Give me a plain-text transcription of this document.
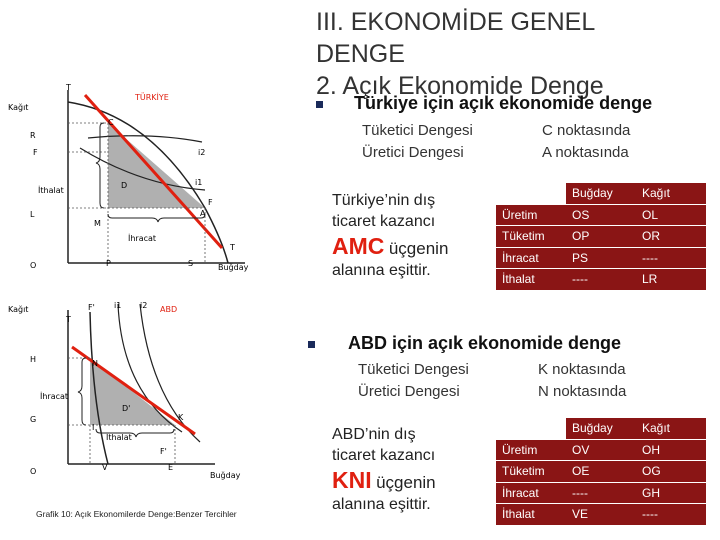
III. EKONOMİDE GENEL DENGE
2. Açık Ekonomide Denge
T
TÜRKİYE
Kağıt
C
R
F	i2
i1
İthalat
D
F
L
M
A
İhracat
T
O	P	S	Buğday
Kağıt
T
F' i1 i2 ABD
H	N
İhracat
D'
K
G
I
İthalat
F'
O	V	E
Buğday
Grafik 10: Açık Ekonomilerde Denge:Benzer Tercihler
Türkiye için açık ekonomide denge
Tüketici Dengesi	C noktasında
Üretici Dengesi	A noktasında
Türkiye’nin dış
ticaret kazancı
AMC üçgenin
alanına eşittir.
	Buğday	Kağıt
Üretim	OS	OL
Tüketim	OP	OR
İhracat	PS	----
İthalat	----	LR
ABD için açık ekonomide denge
Tüketici Dengesi	K noktasında
Üretici Dengesi	N noktasında
ABD’nin dış
ticaret kazancı
KNI üçgenin
alanına eşittir.
	Buğday	Kağıt
Üretim	OV	OH
Tüketim	OE	OG
İhracat	----	GH
İthalat	VE	----
